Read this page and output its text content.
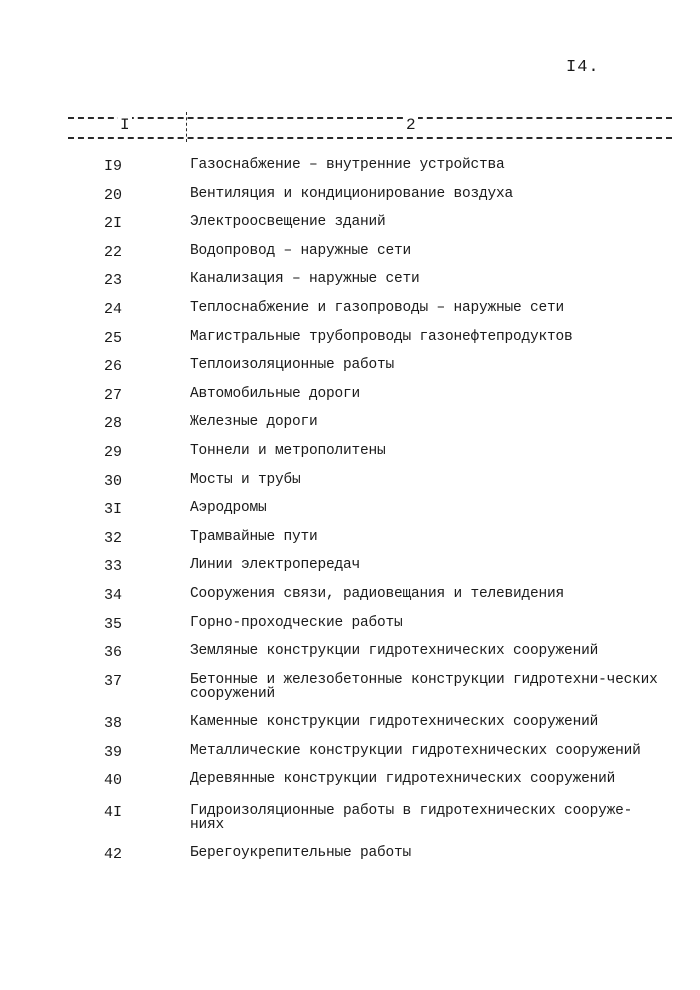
I4.
I	2
I9	Газоснабжение – внутренние устройства
20	Вентиляция и кондиционирование воздуха
2I	Электроосвещение зданий
22	Водопровод – наружные сети
23	Канализация – наружные сети
24	Теплоснабжение и газопроводы – наружные сети
25	Магистральные трубопроводы газонефтепродуктов
26	Теплоизоляционные работы
27	Автомобильные дороги
28	Железные дороги
29	Тоннели и метрополитены
30	Мосты и трубы
3I	Аэродромы
32	Трамвайные пути
33	Линии электропередач
34	Сооружения связи, радиовещания и телевидения
35	Горно-проходческие работы
36	Земляные конструкции гидротехнических сооружений
37	Бетонные и железобетонные конструкции гидротехни-ческих сооружений
38	Каменные конструкции гидротехнических сооружений
39	Металлические конструкции гидротехнических сооружений
40	Деревянные конструкции гидротехнических сооружений
4I	Гидроизоляционные работы в гидротехнических сооруже-ниях
42	Берегоукрепительные работы
